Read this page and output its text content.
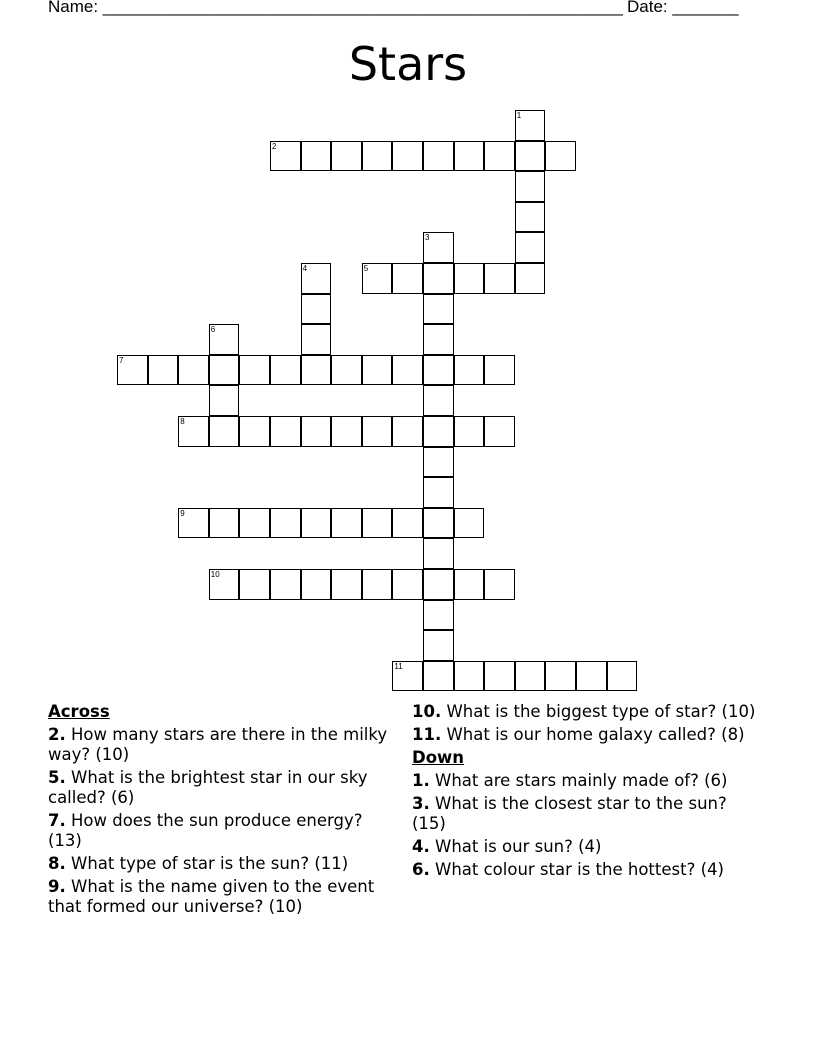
Name: _______________________________________________________ Date: _______
Stars
1
2
3
4	5
6
7
8
9
10
11
Across
2. How many stars are there in the milky way? (10)
5. What is the brightest star in our sky called? (6)
7. How does the sun produce energy? (13)
8. What type of star is the sun? (11)
9. What is the name given to the event that formed our universe? (10)
10. What is the biggest type of star? (10)
11. What is our home galaxy called? (8)
Down
1. What are stars mainly made of? (6)
3. What is the closest star to the sun? (15)
4. What is our sun? (4)
6. What colour star is the hottest? (4)
